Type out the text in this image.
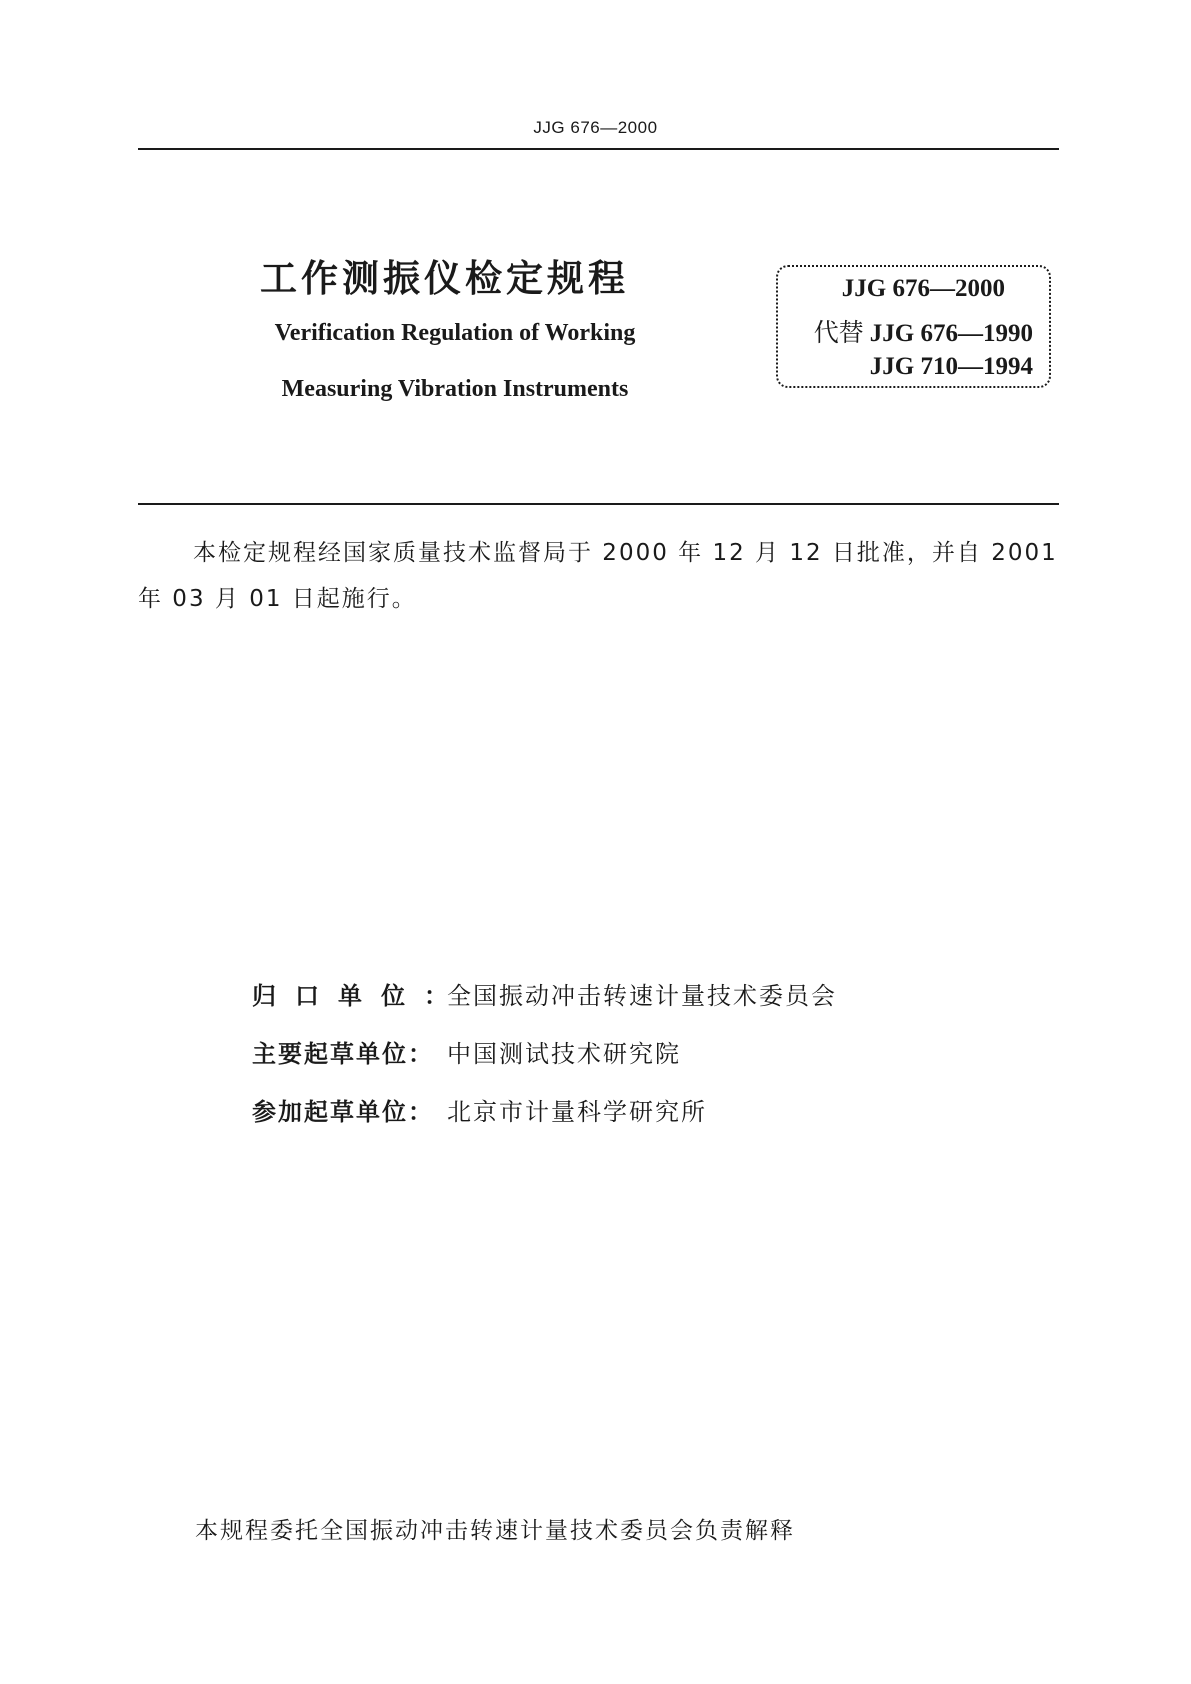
JJG 676—2000
工作测振仪检定规程
Verification Regulation of Working
Measuring Vibration Instruments
JJG 676—2000
代替 JJG 676—1990
JJG 710—1994
本检定规程经国家质量技术监督局于 2000 年 12 月 12 日批准，并自 2001 年 03 月 01 日起施行。
归口单位：全国振动冲击转速计量技术委员会
主要起草单位： 中国测试技术研究院
参加起草单位： 北京市计量科学研究所
本规程委托全国振动冲击转速计量技术委员会负责解释
